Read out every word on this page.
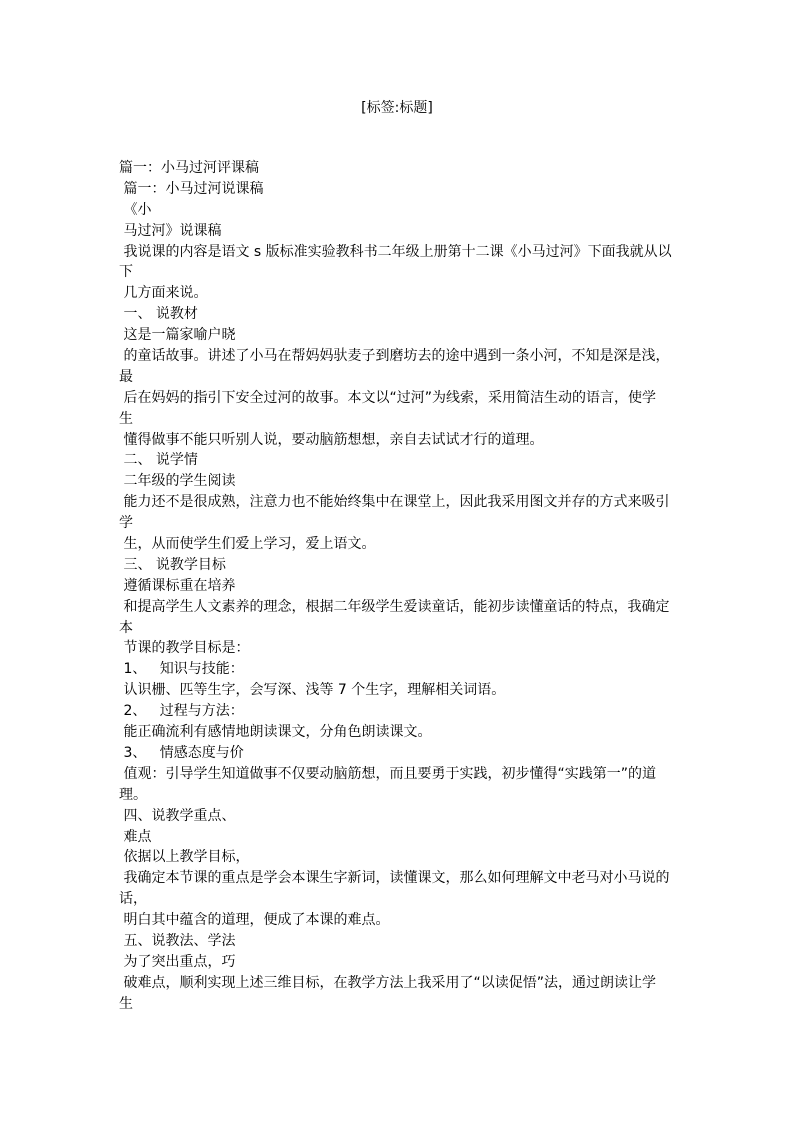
[标签:标题]
篇一：小马过河评课稿
篇一：小马过河说课稿
《小
马过河》说课稿
我说课的内容是语文 s 版标准实验教科书二年级上册第十二课《小马过河》下面我就从以
下
几方面来说。
一、 说教材
这是一篇家喻户晓
的童话故事。讲述了小马在帮妈妈驮麦子到磨坊去的途中遇到一条小河，不知是深是浅，
最
后在妈妈的指引下安全过河的故事。本文以“过河”为线索，采用简洁生动的语言，使学
生
懂得做事不能只听别人说，要动脑筋想想，亲自去试试才行的道理。
二、 说学情
二年级的学生阅读
能力还不是很成熟，注意力也不能始终集中在课堂上，因此我采用图文并存的方式来吸引
学
生，从而使学生们爱上学习，爱上语文。
三、 说教学目标
遵循课标重在培养
和提高学生人文素养的理念，根据二年级学生爱读童话，能初步读懂童话的特点，我确定
本
节课的教学目标是：
1、   知识与技能：
认识栅、匹等生字，会写深、浅等 7 个生字，理解相关词语。
2、   过程与方法：
能正确流利有感情地朗读课文，分角色朗读课文。
3、   情感态度与价
值观：引导学生知道做事不仅要动脑筋想，而且要勇于实践，初步懂得“实践第一”的道
理。
四、说教学重点、
难点
依据以上教学目标，
我确定本节课的重点是学会本课生字新词，读懂课文，那么如何理解文中老马对小马说的
话，
明白其中蕴含的道理，便成了本课的难点。
五、说教法、学法
为了突出重点，巧
破难点，顺利实现上述三维目标，在教学方法上我采用了“以读促悟”法，通过朗读让学
生
